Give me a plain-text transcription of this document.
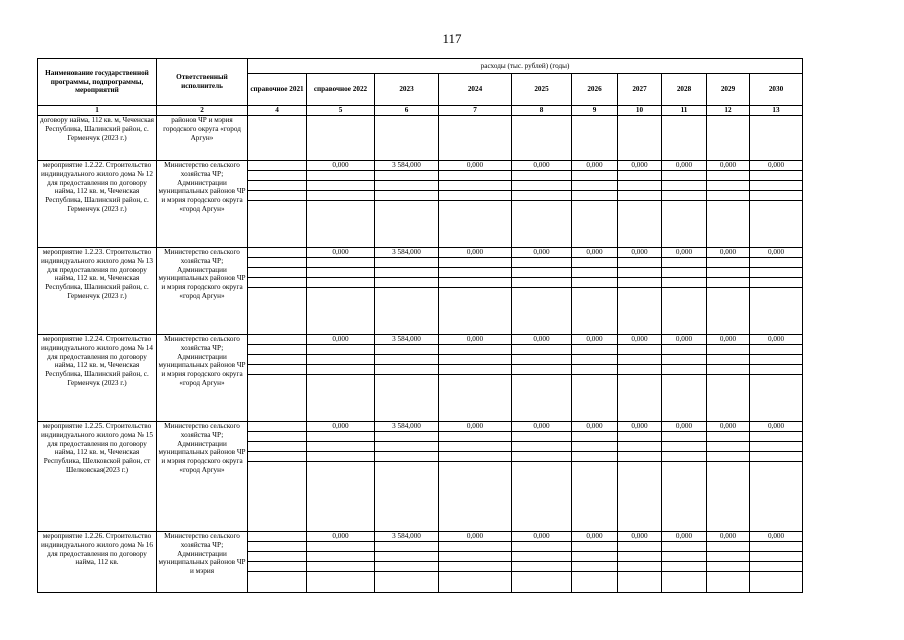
117
Наименование государственной программы, подпрограммы, мероприятий	Ответственный исполнитель	расходы (тыс. рублей) (годы)									
		справочное 2021	справочное 2022	2023	2024	2025	2026	2027	2028	2029	2030
1	2	4	5	6	7	8	9	10	11	12	13
договору найма, 112 кв. м, Чеченская Республика, Шалинский район, с. Герменчук (2023 г.)	районов ЧР и мэрия городского округа «город Аргун»										
мероприятие 1.2.22. Строительство индивидуального жилого дома № 12 для предоставления по договору найма, 112 кв. м, Чеченская Республика, Шалинский район, с. Герменчук (2023 г.)	Министерство сельского хозяйства ЧР; Администрации муниципальных районов ЧР и мэрия городского округа «город Аргун»		0,000	3 584,000	0,000	0,000	0,000	0,000	0,000	0,000	0,000

мероприятие 1.2.23. Строительство индивидуального жилого дома № 13 для предоставления по договору найма, 112 кв. м, Чеченская Республика, Шалинский район, с. Герменчук (2023 г.)	Министерство сельского хозяйства ЧР; Администрации муниципальных районов ЧР и мэрия городского округа «город Аргун»		0,000	3 584,000	0,000	0,000	0,000	0,000	0,000	0,000	0,000

мероприятие 1.2.24. Строительство индивидуального жилого дома № 14 для предоставления по договору найма, 112 кв. м, Чеченская Республика, Шалинский район, с. Герменчук (2023 г.)	Министерство сельского хозяйства ЧР; Администрации муниципальных районов ЧР и мэрия городского округа «город Аргун»		0,000	3 584,000	0,000	0,000	0,000	0,000	0,000	0,000	0,000

мероприятие 1.2.25. Строительство индивидуального жилого дома № 15 для предоставления по договору найма, 112 кв. м, Чеченская Республика, Шелковской район, ст Шелковская(2023 г.)	Министерство сельского хозяйства ЧР; Администрации муниципальных районов ЧР и мэрия городского округа «город Аргун»		0,000	3 584,000	0,000	0,000	0,000	0,000	0,000	0,000	0,000

мероприятие 1.2.26. Строительство индивидуального жилого дома № 16 для предоставления по договору найма, 112 кв.	Министерство сельского хозяйства ЧР; Администрации муниципальных районов ЧР и мэрия		0,000	3 584,000	0,000	0,000	0,000	0,000	0,000	0,000	0,000
